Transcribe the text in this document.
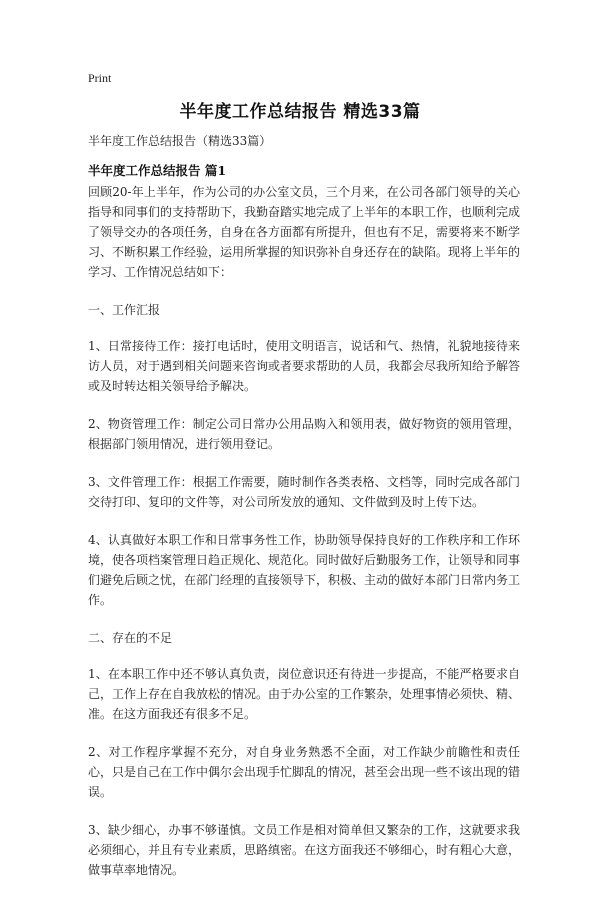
Print
半年度工作总结报告 精选33篇
半年度工作总结报告（精选33篇）
半年度工作总结报告 篇1

回顾20-年上半年，作为公司的办公室文员，三个月来，在公司各部门领导的关心指导和同事们的支持帮助下，我勤奋踏实地完成了上半年的本职工作，也顺利完成了领导交办的各项任务，自身在各方面都有所提升，但也有不足，需要将来不断学习、不断积累工作经验，运用所掌握的知识弥补自身还存在的缺陷。现将上半年的学习、工作情况总结如下：

一、工作汇报

1、日常接待工作：接打电话时，使用文明语言，说话和气、热情，礼貌地接待来访人员，对于遇到相关问题来咨询或者要求帮助的人员，我都会尽我所知给予解答或及时转达相关领导给予解决。

2、物资管理工作：制定公司日常办公用品购入和领用表，做好物资的领用管理，根据部门领用情况，进行领用登记。

3、文件管理工作：根据工作需要，随时制作各类表格、文档等，同时完成各部门交待打印、复印的文件等，对公司所发放的通知、文件做到及时上传下达。

4、认真做好本职工作和日常事务性工作，协助领导保持良好的工作秩序和工作环境，使各项档案管理日趋正规化、规范化。同时做好后勤服务工作，让领导和同事们避免后顾之忧，在部门经理的直接领导下，积极、主动的做好本部门日常内务工作。

二、存在的不足

1、在本职工作中还不够认真负责，岗位意识还有待进一步提高，不能严格要求自己，工作上存在自我放松的情况。由于办公室的工作繁杂，处理事情必须快、精、准。在这方面我还有很多不足。

2、对工作程序掌握不充分，对自身业务熟悉不全面，对工作缺少前瞻性和责任心，只是自己在工作中偶尔会出现手忙脚乱的情况，甚至会出现一些不该出现的错误。

3、缺少细心，办事不够谨慎。文员工作是相对简单但又繁杂的工作，这就要求我必须细心，并且有专业素质，思路缜密。在这方面我还不够细心，时有粗心大意，做事草率地情况。
